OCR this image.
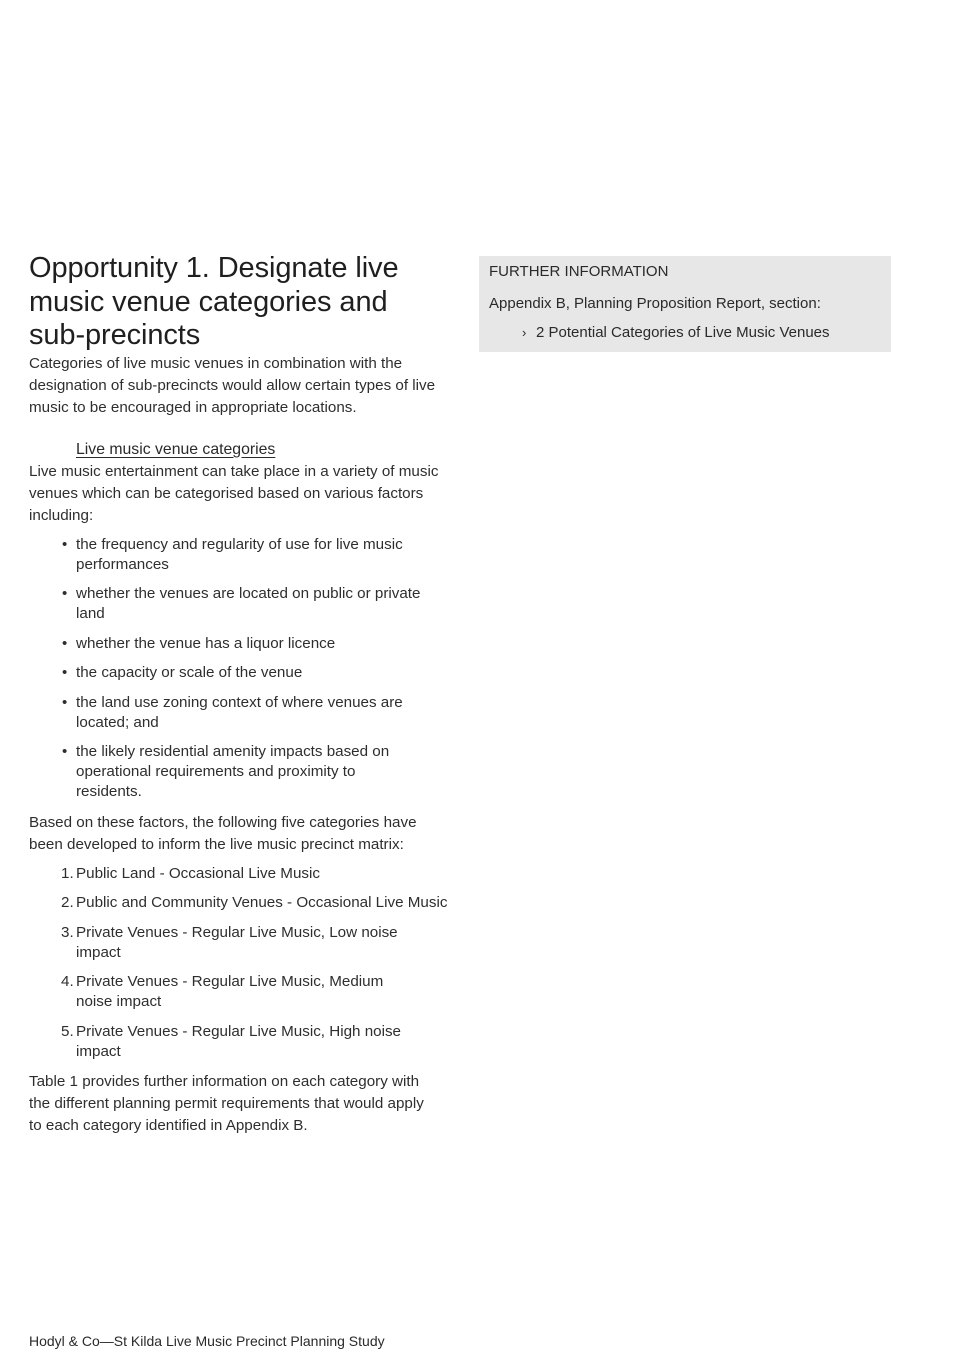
Opportunity 1. Designate live music venue categories and sub-precincts

Categories of live music venues in combination with the designation of sub-precincts would allow certain types of live music to be encouraged in appropriate locations.

Live music venue categories

Live music entertainment can take place in a variety of music venues which can be categorised based on various factors including:

• the frequency and regularity of use for live music performances
• whether the venues are located on public or private land
• whether the venue has a liquor licence
• the capacity or scale of the venue
• the land use zoning context of where venues are located; and
• the likely residential amenity impacts based on operational requirements and proximity to residents.

Based on these factors, the following five categories have been developed to inform the live music precinct matrix:

1. Public Land - Occasional Live Music
2. Public and Community Venues - Occasional Live Music
3. Private Venues - Regular Live Music, Low noise impact
4. Private Venues - Regular Live Music, Medium noise impact
5. Private Venues - Regular Live Music, High noise impact

Table 1 provides further information on each category with the different planning permit requirements that would apply to each category identified in Appendix B.

FURTHER INFORMATION
Appendix B, Planning Proposition Report, section:
› 2 Potential Categories of Live Music Venues
Hodyl & Co—St Kilda Live Music Precinct Planning Study
